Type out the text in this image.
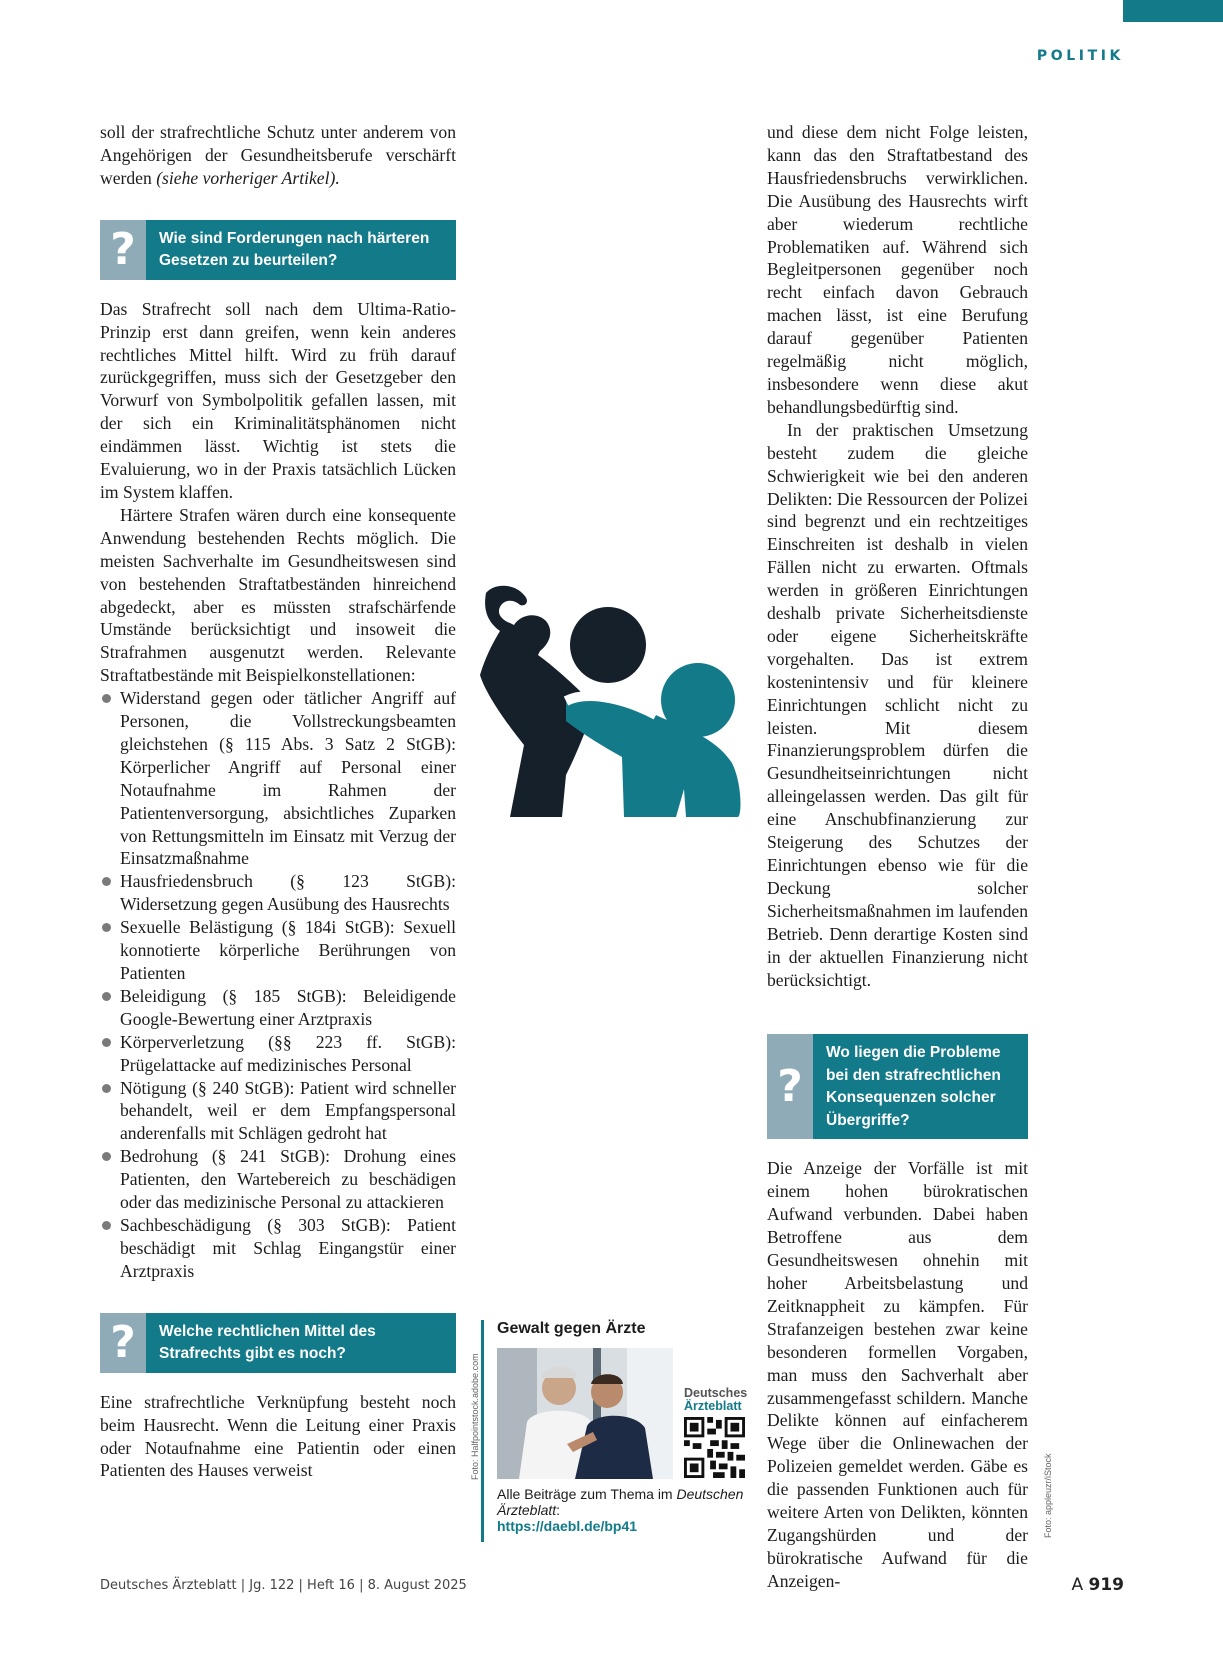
POLITIK

soll der strafrechtliche Schutz unter anderem von Angehörigen der Gesundheitsberufe verschärft werden (siehe vorheriger Artikel).

?	Wie sind Forderungen nach härteren Gesetzen zu beurteilen?

Das Strafrecht soll nach dem Ultima-Ratio-Prinzip erst dann greifen, wenn kein anderes rechtliches Mittel hilft. Wird zu früh darauf zurückgegriffen, muss sich der Gesetzgeber den Vorwurf von Symbolpolitik gefallen lassen, mit der sich ein Kriminalitätsphänomen nicht eindämmen lässt. Wichtig ist stets die Evaluierung, wo in der Praxis tatsächlich Lücken im System klaffen.

Härtere Strafen wären durch eine konsequente Anwendung bestehenden Rechts möglich. Die meisten Sachverhalte im Gesundheitswesen sind von bestehenden Straftatbeständen hinreichend abgedeckt, aber es müssten strafschärfende Umstände berücksichtigt und insoweit die Strafrahmen ausgenutzt werden. Relevante Straftatbestände mit Beispielkonstellationen:

Widerstand gegen oder tätlicher Angriff auf Personen, die Vollstreckungsbeamten gleichstehen (§ 115 Abs. 3 Satz 2 StGB): Körperlicher Angriff auf Personal einer Notaufnahme im Rahmen der Patientenversorgung, absichtliches Zuparken von Rettungsmitteln im Einsatz mit Verzug der Einsatzmaßnahme
Hausfriedensbruch (§ 123 StGB): Widersetzung gegen Ausübung des Hausrechts
Sexuelle Belästigung (§ 184i StGB): Sexuell konnotierte körperliche Berührungen von Patienten
Beleidigung (§ 185 StGB): Beleidigende Google-Bewertung einer Arztpraxis
Körperverletzung (§§ 223 ff. StGB): Prügelattacke auf medizinisches Personal
Nötigung (§ 240 StGB): Patient wird schneller behandelt, weil er dem Empfangspersonal anderenfalls mit Schlägen gedroht hat
Bedrohung (§ 241 StGB): Drohung eines Patienten, den Wartebereich zu beschädigen oder das medizinische Personal zu attackieren
Sachbeschädigung (§ 303 StGB): Patient beschädigt mit Schlag Eingangstür einer Arztpraxis
?	Welche rechtlichen Mittel des Strafrechts gibt es noch?

Eine strafrechtliche Verknüpfung besteht noch beim Hausrecht. Wenn die Leitung einer Praxis oder Notaufnahme eine Patientin oder einen Patienten des Hauses verweist

Gewalt gegen Ärzte
Deutsches
Ärzteblatt
Alle Beiträge zum Thema im Deutschen Ärzteblatt:
https://daebl.de/bp41
Foto: Halfpointstock.adobe.com

und diese dem nicht Folge leisten, kann das den Straftatbestand des Hausfriedensbruchs verwirklichen. Die Ausübung des Hausrechts wirft aber wiederum rechtliche Problematiken auf. Während sich Begleitpersonen gegenüber noch recht einfach davon Gebrauch machen lässt, ist eine Berufung darauf gegenüber Patienten regelmäßig nicht möglich, insbesondere wenn diese akut behandlungsbedürftig sind.

In der praktischen Umsetzung besteht zudem die gleiche Schwierigkeit wie bei den anderen Delikten: Die Ressourcen der Polizei sind begrenzt und ein rechtzeitiges Einschreiten ist deshalb in vielen Fällen nicht zu erwarten. Oftmals werden in größeren Einrichtungen deshalb private Sicherheitsdienste oder eigene Sicherheitskräfte vorgehalten. Das ist extrem kostenintensiv und für kleinere Einrichtungen schlicht nicht zu leisten. Mit diesem Finanzierungsproblem dürfen die Gesundheitseinrichtungen nicht alleingelassen werden. Das gilt für eine Anschubfinanzierung zur Steigerung des Schutzes der Einrichtungen ebenso wie für die Deckung solcher Sicherheitsmaßnahmen im laufenden Betrieb. Denn derartige Kosten sind in der aktuellen Finanzierung nicht berücksichtigt.

?
Wo liegen die Probleme bei den strafrechtlichen Konsequenzen solcher Übergriffe?

Die Anzeige der Vorfälle ist mit einem hohen bürokratischen Aufwand verbunden. Dabei haben Betroffene aus dem Gesundheitswesen ohnehin mit hoher Arbeitsbelastung und Zeitknappheit zu kämpfen. Für Strafanzeigen bestehen zwar keine besonderen formellen Vorgaben, man muss den Sachverhalt aber zusammengefasst schildern. Manche Delikte können auf einfacherem Wege über die Onlinewachen der Polizeien gemeldet werden. Gäbe es die passenden Funktionen auch für weitere Arten von Delikten, könnten Zugangshürden und der bürokratische Aufwand für die Anzeigen-

Foto: appleuzr/iStock
Deutsches Ärzteblatt | Jg. 122 | Heft 16 | 8. August 2025	A 919
